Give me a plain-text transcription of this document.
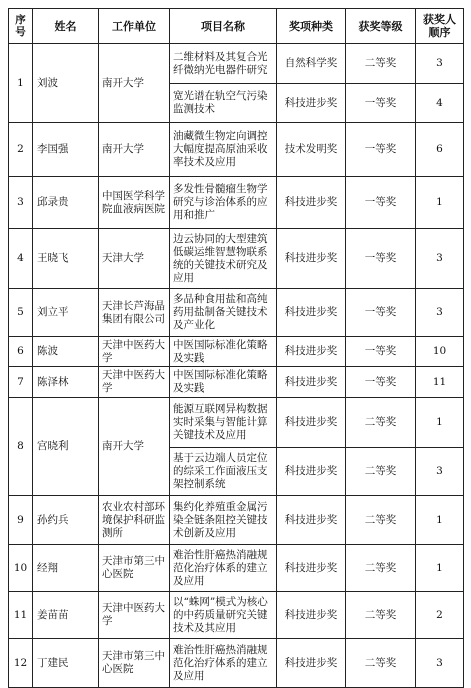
序号	姓名	工作单位	项目名称	奖项种类	获奖等级	获奖人顺序
1	刘波	南开大学	二维材料及其复合光纤微纳光电器件研究	自然科学奖	二等奖	3
			宽光谱在轨空气污染监测技术	科技进步奖	一等奖	4
2	李国强	南开大学	油藏微生物定向调控大幅度提高原油采收率技术及应用	技术发明奖	一等奖	6
3	邱录贵	中国医学科学院血液病医院	多发性骨髓瘤生物学研究与诊治体系的应用和推广	科技进步奖	一等奖	1
4	王晓飞	天津大学	边云协同的大型建筑低碳运维智慧物联系统的关键技术研究及应用	科技进步奖	一等奖	3
5	刘立平	天津长芦海晶集团有限公司	多品种食用盐和高纯药用盐制备关键技术及产业化	科技进步奖	一等奖	3
6	陈波	天津中医药大学	中医国际标准化策略及实践	科技进步奖	一等奖	10
7	陈泽林	天津中医药大学	中医国际标准化策略及实践	科技进步奖	一等奖	11
8	宫晓利	南开大学	能源互联网异构数据实时采集与智能计算关键技术及应用	科技进步奖	二等奖	1
			基于云边端人员定位的综采工作面液压支架控制系统	科技进步奖	二等奖	3
9	孙约兵	农业农村部环境保护科研监测所	集约化养殖重金属污染全链条阻控关键技术创新及应用	科技进步奖	二等奖	1
10	经翔	天津市第三中心医院	难治性肝癌热消融规范化治疗体系的建立及应用	科技进步奖	二等奖	1
11	姜苗苗	天津中医药大学	以“蛛网”模式为核心的中药质量研究关键技术及其应用	科技进步奖	二等奖	2
12	丁建民	天津市第三中心医院	难治性肝癌热消融规范化治疗体系的建立及应用	科技进步奖	二等奖	3
